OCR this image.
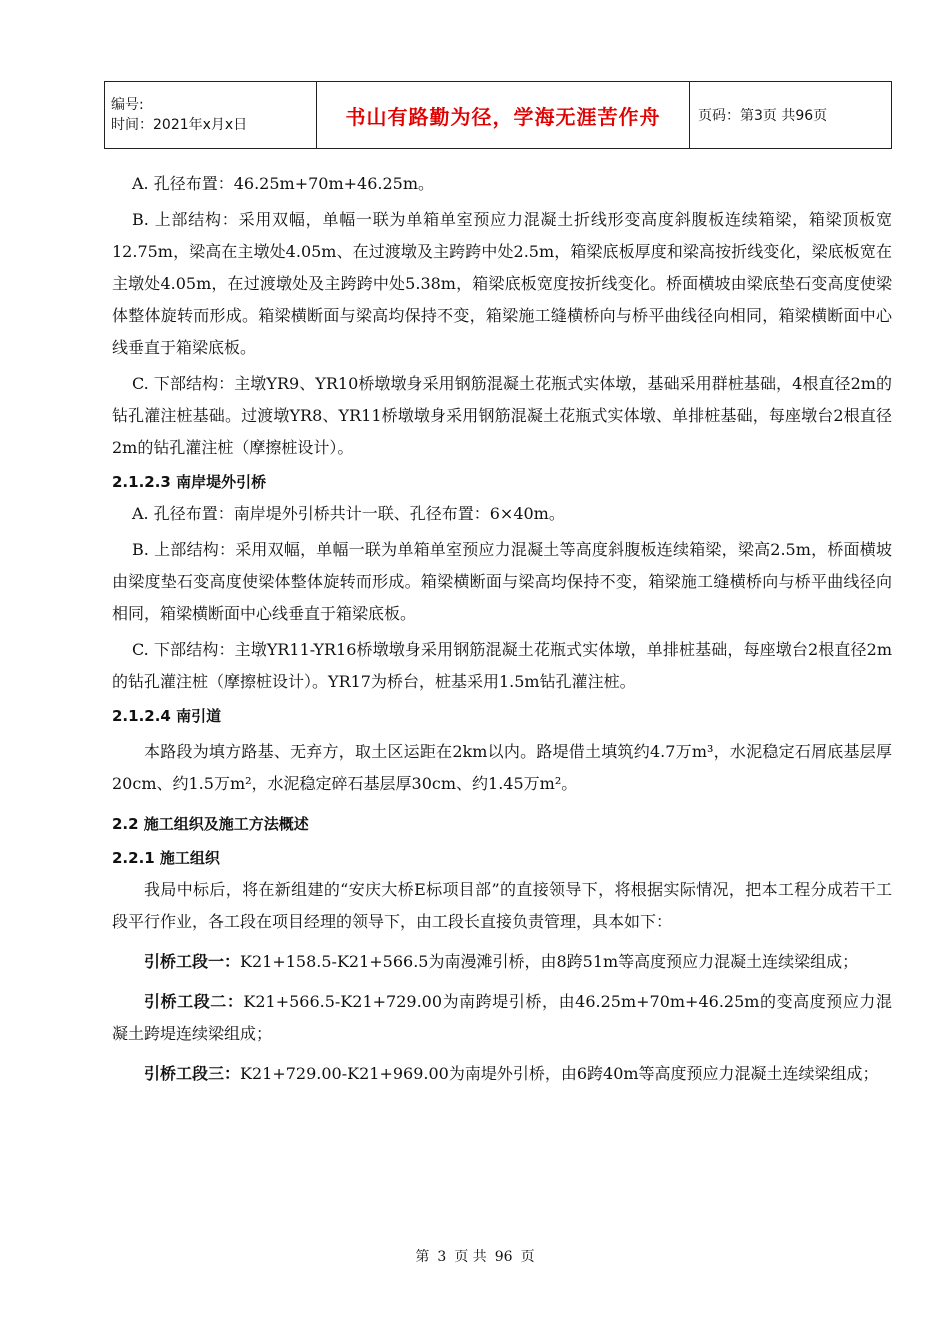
编号:
时间：2021年x月x日	书山有路勤为径，学海无涯苦作舟	页码：第3页 共96页

A. 孔径布置：46.25m+70m+46.25m。

B. 上部结构：采用双幅，单幅一联为单箱单室预应力混凝土折线形变高度斜腹板连续箱梁，箱梁顶板宽12.75m，梁高在主墩处4.05m、在过渡墩及主跨跨中处2.5m，箱梁底板厚度和梁高按折线变化，梁底板宽在主墩处4.05m，在过渡墩处及主跨跨中处5.38m，箱梁底板宽度按折线变化。桥面横坡由梁底垫石变高度使梁体整体旋转而形成。箱梁横断面与梁高均保持不变，箱梁施工缝横桥向与桥平曲线径向相同，箱梁横断面中心线垂直于箱梁底板。

C. 下部结构：主墩YR9、YR10桥墩墩身采用钢筋混凝土花瓶式实体墩，基础采用群桩基础，4根直径2m的钻孔灌注桩基础。过渡墩YR8、YR11桥墩墩身采用钢筋混凝土花瓶式实体墩、单排桩基础，每座墩台2根直径2m的钻孔灌注桩（摩擦桩设计）。

2.1.2.3 南岸堤外引桥

A. 孔径布置：南岸堤外引桥共计一联、孔径布置：6×40m。

B. 上部结构：采用双幅，单幅一联为单箱单室预应力混凝土等高度斜腹板连续箱梁，梁高2.5m，桥面横坡由梁度垫石变高度使梁体整体旋转而形成。箱梁横断面与梁高均保持不变，箱梁施工缝横桥向与桥平曲线径向相同，箱梁横断面中心线垂直于箱梁底板。

C. 下部结构：主墩YR11-YR16桥墩墩身采用钢筋混凝土花瓶式实体墩，单排桩基础，每座墩台2根直径2m的钻孔灌注桩（摩擦桩设计）。YR17为桥台，桩基采用1.5m钻孔灌注桩。

2.1.2.4 南引道

本路段为填方路基、无弃方，取土区运距在2km以内。路堤借土填筑约4.7万m³，水泥稳定石屑底基层厚20cm、约1.5万m²，水泥稳定碎石基层厚30cm、约1.45万m²。

2.2 施工组织及施工方法概述
2.2.1 施工组织

我局中标后，将在新组建的“安庆大桥E标项目部”的直接领导下，将根据实际情况，把本工程分成若干工段平行作业，各工段在项目经理的领导下，由工段长直接负责管理，具本如下：

引桥工段一：K21+158.5-K21+566.5为南漫滩引桥，由8跨51m等高度预应力混凝土连续梁组成；

引桥工段二：K21+566.5-K21+729.00为南跨堤引桥，由46.25m+70m+46.25m的变高度预应力混凝土跨堤连续梁组成；

引桥工段三：K21+729.00-K21+969.00为南堤外引桥，由6跨40m等高度预应力混凝土连续梁组成；

第 3 页 共 96 页
